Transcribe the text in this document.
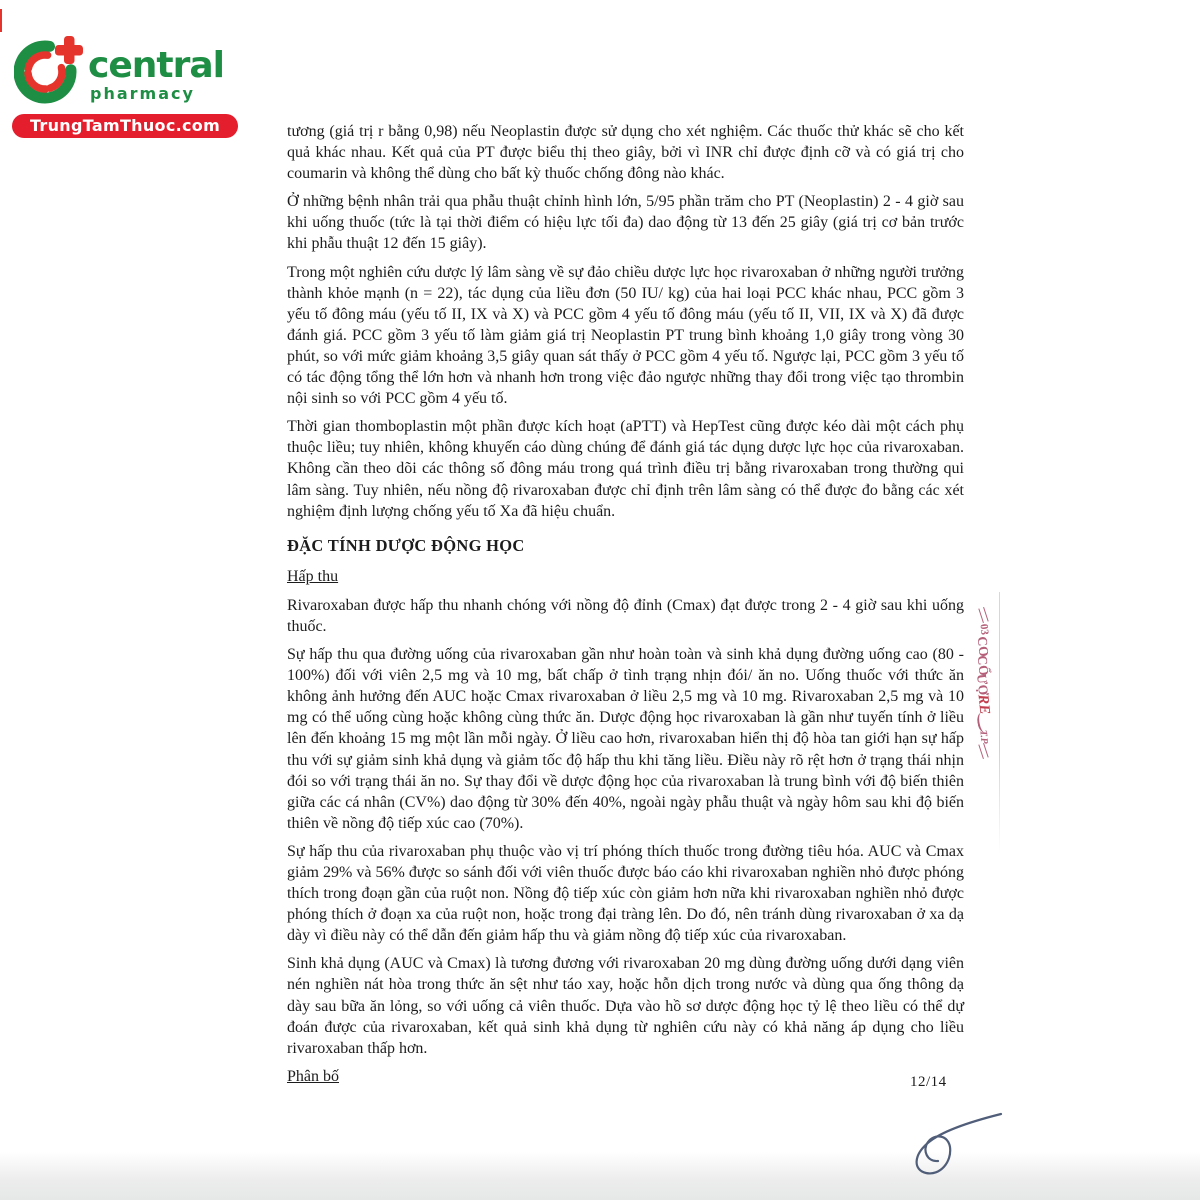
central
pharmacy
TrungTamThuoc.com	tương (giá trị r bằng 0,98) nếu Neoplastin được sử dụng cho xét nghiệm. Các thuốc thử khác sẽ cho kết quả khác nhau. Kết quả của PT được biểu thị theo giây, bởi vì INR chỉ được định cỡ và có giá trị cho coumarin và không thể dùng cho bất kỳ thuốc chống đông nào khác.

Ở những bệnh nhân trải qua phẫu thuật chỉnh hình lớn, 5/95 phần trăm cho PT (Neoplastin) 2 - 4 giờ sau khi uống thuốc (tức là tại thời điểm có hiệu lực tối đa) dao động từ 13 đến 25 giây (giá trị cơ bản trước khi phẫu thuật 12 đến 15 giây).

Trong một nghiên cứu dược lý lâm sàng về sự đảo chiều dược lực học rivaroxaban ở những người trưởng thành khỏe mạnh (n = 22), tác dụng của liều đơn (50 IU/ kg) của hai loại PCC khác nhau, PCC gồm 3 yếu tố đông máu (yếu tố II, IX và X) và PCC gồm 4 yếu tố đông máu (yếu tố II, VII, IX và X) đã được đánh giá. PCC gồm 3 yếu tố làm giảm giá trị Neoplastin PT trung bình khoảng 1,0 giây trong vòng 30 phút, so với mức giảm khoảng 3,5 giây quan sát thấy ở PCC gồm 4 yếu tố. Ngược lại, PCC gồm 3 yếu tố có tác động tổng thể lớn hơn và nhanh hơn trong việc đảo ngược những thay đổi trong việc tạo thrombin nội sinh so với PCC gồm 4 yếu tố.

Thời gian thomboplastin một phần được kích hoạt (aPTT) và HepTest cũng được kéo dài một cách phụ thuộc liều; tuy nhiên, không khuyến cáo dùng chúng để đánh giá tác dụng dược lực học của rivaroxaban. Không cần theo dõi các thông số đông máu trong quá trình điều trị bằng rivaroxaban trong thường qui lâm sàng. Tuy nhiên, nếu nồng độ rivaroxaban được chỉ định trên lâm sàng có thể được đo bằng các xét nghiệm định lượng chống yếu tố Xa đã hiệu chuẩn.

ĐẶC TÍNH DƯỢC ĐỘNG HỌC
Hấp thu

Rivaroxaban được hấp thu nhanh chóng với nồng độ đỉnh (Cmax) đạt được trong 2 - 4 giờ sau khi uống thuốc.

Sự hấp thu qua đường uống của rivaroxaban gần như hoàn toàn và sinh khả dụng đường uống cao (80 - 100%) đối với viên 2,5 mg và 10 mg, bất chấp ở tình trạng nhịn đói/ ăn no. Uống thuốc với thức ăn không ảnh hưởng đến AUC hoặc Cmax rivaroxaban ở liều 2,5 mg và 10 mg. Rivaroxaban 2,5 mg và 10 mg có thể uống cùng hoặc không cùng thức ăn. Dược động học rivaroxaban là gần như tuyến tính ở liều lên đến khoảng 15 mg một lần mỗi ngày. Ở liều cao hơn, rivaroxaban hiển thị độ hòa tan giới hạn sự hấp thu với sự giảm sinh khả dụng và giảm tốc độ hấp thu khi tăng liều. Điều này rõ rệt hơn ở trạng thái nhịn đói so với trạng thái ăn no. Sự thay đổi về dược động học của rivaroxaban là trung bình với độ biến thiên giữa các cá nhân (CV%) dao động từ 30% đến 40%, ngoài ngày phẫu thuật và ngày hôm sau khi độ biến thiên về nồng độ tiếp xúc cao (70%).

Sự hấp thu của rivaroxaban phụ thuộc vào vị trí phóng thích thuốc trong đường tiêu hóa. AUC và Cmax giảm 29% và 56% được so sánh đối với viên thuốc được báo cáo khi rivaroxaban nghiền nhỏ được phóng thích trong đoạn gần của ruột non. Nồng độ tiếp xúc còn giảm hơn nữa khi rivaroxaban nghiền nhỏ được phóng thích ở đoạn xa của ruột non, hoặc trong đại tràng lên. Do đó, nên tránh dùng rivaroxaban ở xa dạ dày vì điều này có thể dẫn đến giảm hấp thu và giảm nồng độ tiếp xúc của rivaroxaban.

Sinh khả dụng (AUC và Cmax) là tương đương với rivaroxaban 20 mg dùng đường uống dưới dạng viên nén nghiền nát hòa trong thức ăn sệt như táo xay, hoặc hỗn dịch trong nước và dùng qua ống thông dạ dày sau bữa ăn lỏng, so với uống cả viên thuốc. Dựa vào hồ sơ dược động học tỷ lệ theo liều có thể dự đoán được của rivaroxaban, kết quả sinh khả dụng từ nghiên cứu này có khả năng áp dụng cho liều rivaroxaban thấp hơn.

Phân bố	12/14
03
CO
CỔ
ƯỢ
RE
T.P
